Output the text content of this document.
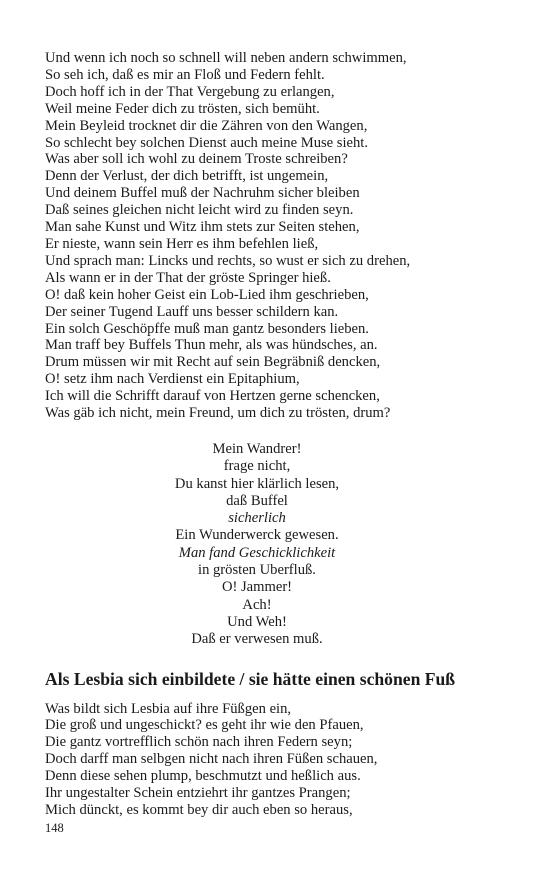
Und wenn ich noch so schnell will neben andern schwimmen,
So seh ich, daß es mir an Floß und Federn fehlt.
Doch hoff ich in der That Vergebung zu erlangen,
Weil meine Feder dich zu trösten, sich bemüht.
Mein Beyleid trocknet dir die Zähren von den Wangen,
So schlecht bey solchen Dienst auch meine Muse sieht.
Was aber soll ich wohl zu deinem Troste schreiben?
Denn der Verlust, der dich betrifft, ist ungemein,
Und deinem Buffel muß der Nachruhm sicher bleiben
Daß seines gleichen nicht leicht wird zu finden seyn.
Man sahe Kunst und Witz ihm stets zur Seiten stehen,
Er nieste, wann sein Herr es ihm befehlen ließ,
Und sprach man: Lincks und rechts, so wust er sich zu drehen,
Als wann er in der That der gröste Springer hieß.
O! daß kein hoher Geist ein Lob-Lied ihm geschrieben,
Der seiner Tugend Lauff uns besser schildern kan.
Ein solch Geschöpffe muß man gantz besonders lieben.
Man traff bey Buffels Thun mehr, als was hündsches, an.
Drum müssen wir mit Recht auf sein Begräbniß dencken,
O! setz ihm nach Verdienst ein Epitaphium,
Ich will die Schrifft darauf von Hertzen gerne schencken,
Was gäb ich nicht, mein Freund, um dich zu trösten, drum?
Mein Wandrer!
frage nicht,
Du kanst hier klärlich lesen,
daß Buffel
sicherlich
Ein Wunderwerck gewesen.
Man fand Geschicklichkeit
in grösten Uberfluß.
O! Jammer!
Ach!
Und Weh!
Daß er verwesen muß.
Als Lesbia sich einbildete / sie hätte einen schönen Fuß
Was bildt sich Lesbia auf ihre Füßgen ein,
Die groß und ungeschickt? es geht ihr wie den Pfauen,
Die gantz vortrefflich schön nach ihren Federn seyn;
Doch darff man selbgen nicht nach ihren Füßen schauen,
Denn diese sehen plump, beschmutzt und heßlich aus.
Ihr ungestalter Schein entziehrt ihr gantzes Prangen;
Mich dünckt, es kommt bey dir auch eben so heraus,
148
